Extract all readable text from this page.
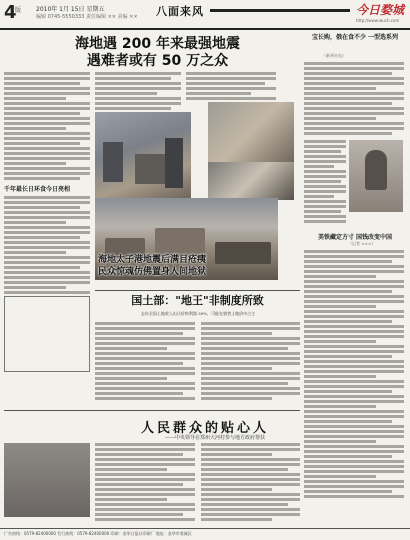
4
版 2010年 1月 15日 星期五
编辑 0745-5550333 责任编辑 ×× 美编 ×× 八面来风	今日婺城
http://www.wuch.com
海地遇 200 年来最强地震
遇难者或有 50 万之众
海地太子港地震后满目疮痍
民众惊魂仿佛置身人间地狱
千年最长日环食今日亮相
宝长购，俄在食不少 一型选系列
（新华社电）
美铁藏定方寸 国钱改变中国
（记者 ×××）
国土部："地王"非制度所致
去年全国土地收入出让价格利润 30%，可能在销售土地价中占主
人民群众的贴心人
——中央领导在郑州大河村参与地方政府帮扶
广告热线：0579-82400000 发行热线：0579-82400000 印刷：金华日报社印刷厂 地址：金华市婺城区
